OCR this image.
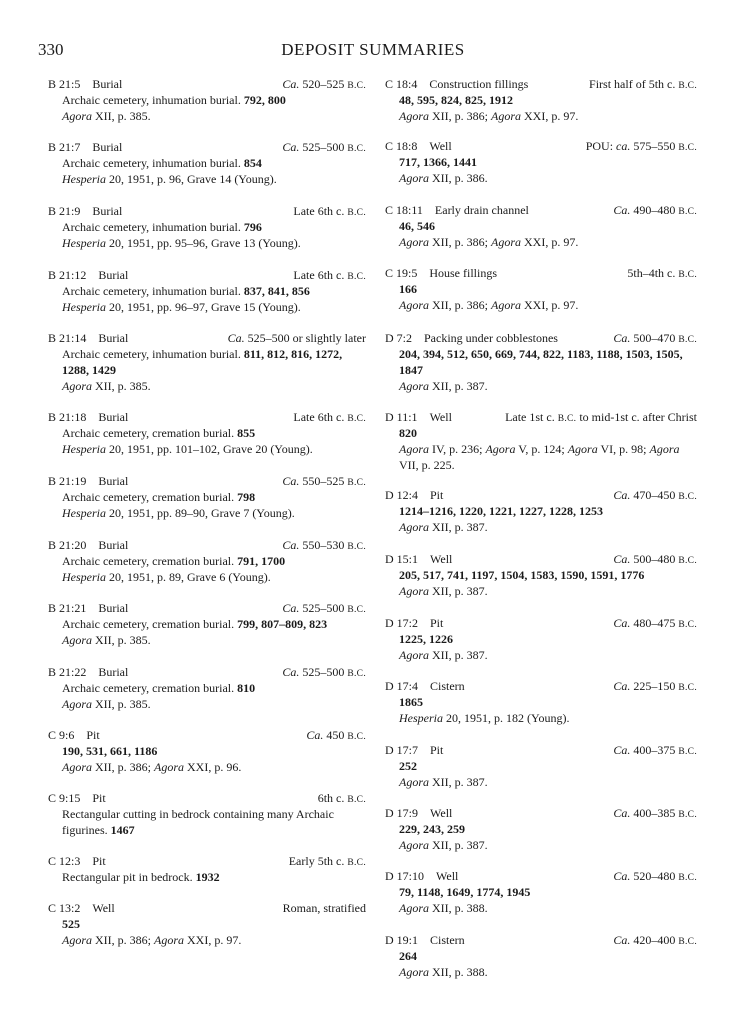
330	DEPOSIT SUMMARIES
B 21:5 Burial	Ca. 520–525 B.C.
Archaic cemetery, inhumation burial. 792, 800
Agora XII, p. 385.
B 21:7 Burial	Ca. 525–500 B.C.
Archaic cemetery, inhumation burial. 854
Hesperia 20, 1951, p. 96, Grave 14 (Young).
B 21:9 Burial	Late 6th c. B.C.
Archaic cemetery, inhumation burial. 796
Hesperia 20, 1951, pp. 95–96, Grave 13 (Young).
B 21:12 Burial	Late 6th c. B.C.
Archaic cemetery, inhumation burial. 837, 841, 856
Hesperia 20, 1951, pp. 96–97, Grave 15 (Young).
B 21:14 Burial	Ca. 525–500 or slightly later
Archaic cemetery, inhumation burial. 811, 812, 816, 1272, 1288, 1429
Agora XII, p. 385.
B 21:18 Burial	Late 6th c. B.C.
Archaic cemetery, cremation burial. 855
Hesperia 20, 1951, pp. 101–102, Grave 20 (Young).
B 21:19 Burial	Ca. 550–525 B.C.
Archaic cemetery, cremation burial. 798
Hesperia 20, 1951, pp. 89–90, Grave 7 (Young).
B 21:20 Burial	Ca. 550–530 B.C.
Archaic cemetery, cremation burial. 791, 1700
Hesperia 20, 1951, p. 89, Grave 6 (Young).
B 21:21 Burial	Ca. 525–500 B.C.
Archaic cemetery, cremation burial. 799, 807–809, 823
Agora XII, p. 385.
B 21:22 Burial	Ca. 525–500 B.C.
Archaic cemetery, cremation burial. 810
Agora XII, p. 385.
C 9:6 Pit	Ca. 450 B.C.
190, 531, 661, 1186
Agora XII, p. 386; Agora XXI, p. 96.
C 9:15 Pit	6th c. B.C.
Rectangular cutting in bedrock containing many Archaic figurines. 1467
C 12:3 Pit	Early 5th c. B.C.
Rectangular pit in bedrock. 1932
C 13:2 Well	Roman, stratified
525
Agora XII, p. 386; Agora XXI, p. 97.
C 18:4 Construction fillings	First half of 5th c. B.C.
48, 595, 824, 825, 1912
Agora XII, p. 386; Agora XXI, p. 97.
C 18:8 Well	POU: ca. 575–550 B.C.
717, 1366, 1441
Agora XII, p. 386.
C 18:11 Early drain channel	Ca. 490–480 B.C.
46, 546
Agora XII, p. 386; Agora XXI, p. 97.
C 19:5 House fillings	5th–4th c. B.C.
166
Agora XII, p. 386; Agora XXI, p. 97.
D 7:2 Packing under cobblestones	Ca. 500–470 B.C.
204, 394, 512, 650, 669, 744, 822, 1183, 1188, 1503, 1505, 1847
Agora XII, p. 387.
D 11:1 Well	Late 1st c. B.C. to mid-1st c. after Christ
820
Agora IV, p. 236; Agora V, p. 124; Agora VI, p. 98; Agora VII, p. 225.
D 12:4 Pit	Ca. 470–450 B.C.
1214–1216, 1220, 1221, 1227, 1228, 1253
Agora XII, p. 387.
D 15:1 Well	Ca. 500–480 B.C.
205, 517, 741, 1197, 1504, 1583, 1590, 1591, 1776
Agora XII, p. 387.
D 17:2 Pit	Ca. 480–475 B.C.
1225, 1226
Agora XII, p. 387.
D 17:4 Cistern	Ca. 225–150 B.C.
1865
Hesperia 20, 1951, p. 182 (Young).
D 17:7 Pit	Ca. 400–375 B.C.
252
Agora XII, p. 387.
D 17:9 Well	Ca. 400–385 B.C.
229, 243, 259
Agora XII, p. 387.
D 17:10 Well	Ca. 520–480 B.C.
79, 1148, 1649, 1774, 1945
Agora XII, p. 388.
D 19:1 Cistern	Ca. 420–400 B.C.
264
Agora XII, p. 388.
